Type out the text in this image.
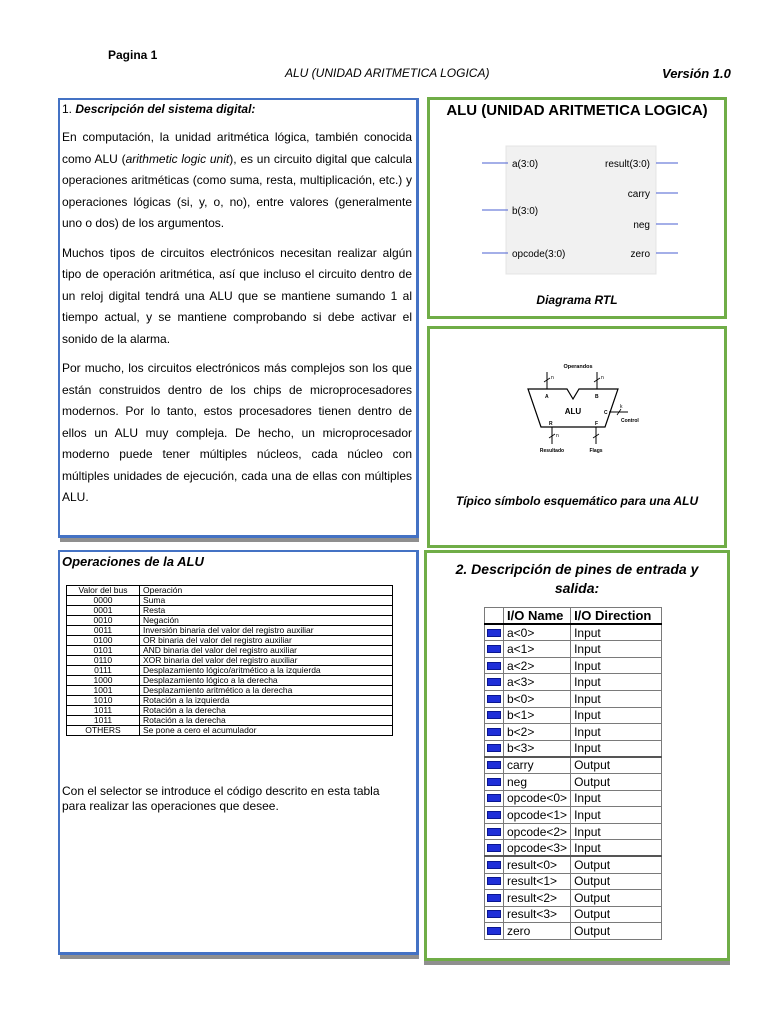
Pagina 1
ALU (UNIDAD ARITMETICA LOGICA)	Versión 1.0
1. Descripción del sistema digital:

En computación, la unidad aritmética lógica, también conocida como ALU (arithmetic logic unit), es un circuito digital que calcula operaciones aritméticas (como suma, resta, multiplicación, etc.) y operaciones lógicas (si, y, o, no), entre valores (generalmente uno o dos) de los argumentos.

Muchos tipos de circuitos electrónicos necesitan realizar algún tipo de operación aritmética, así que incluso el circuito dentro de un reloj digital tendrá una ALU que se mantiene sumando 1 al tiempo actual, y se mantiene comprobando si debe activar el sonido de la alarma.

Por mucho, los circuitos electrónicos más complejos son los que están construidos dentro de los chips de microprocesadores modernos. Por lo tanto, estos procesadores tienen dentro de ellos un ALU muy compleja. De hecho, un microprocesador moderno puede tener múltiples núcleos, cada núcleo con múltiples unidades de ejecución, cada una de ellas con múltiples ALU.

ALU (UNIDAD ARITMETICA LOGICA)
a(3:0)
b(3:0)
opcode(3:0)
result(3:0)
carry
neg
zero
Diagrama RTL
Operandos
n	n
A	B
ALU	C
k
Control
R	F
n
Resultado	Flags
Típico símbolo esquemático para una ALU
Operaciones de la ALU
Valor del bus	Operación
0000	Suma
0001	Resta
0010	Negación
0011	Inversión binaria del valor del registro auxiliar
0100	OR binaria del valor del registro auxiliar
0101	AND binaria del valor del registro auxiliar
0110	XOR binaria del valor del registro auxiliar
0111	Desplazamiento lógico/aritmético a la izquierda
1000	Desplazamiento lógico a la derecha
1001	Desplazamiento aritmético a la derecha
1010	Rotación a la izquierda
1011	Rotación a la derecha
1011	Rotación a la derecha
OTHERS	Se pone a cero el acumulador
Con el selector se introduce el código descrito en esta tabla para realizar las operaciones que desee.
2. Descripción de pines de entrada y
salida:
	I/O Name	I/O Direction

	a<0>	Input

	a<1>	Input

	a<2>	Input

	a<3>	Input

	b<0>	Input

	b<1>	Input

	b<2>	Input

	b<3>	Input

	carry	Output

	neg	Output

	opcode<0>	Input

	opcode<1>	Input

	opcode<2>	Input

	opcode<3>	Input

	result<0>	Output

	result<1>	Output

	result<2>	Output

	result<3>	Output

	zero	Output
